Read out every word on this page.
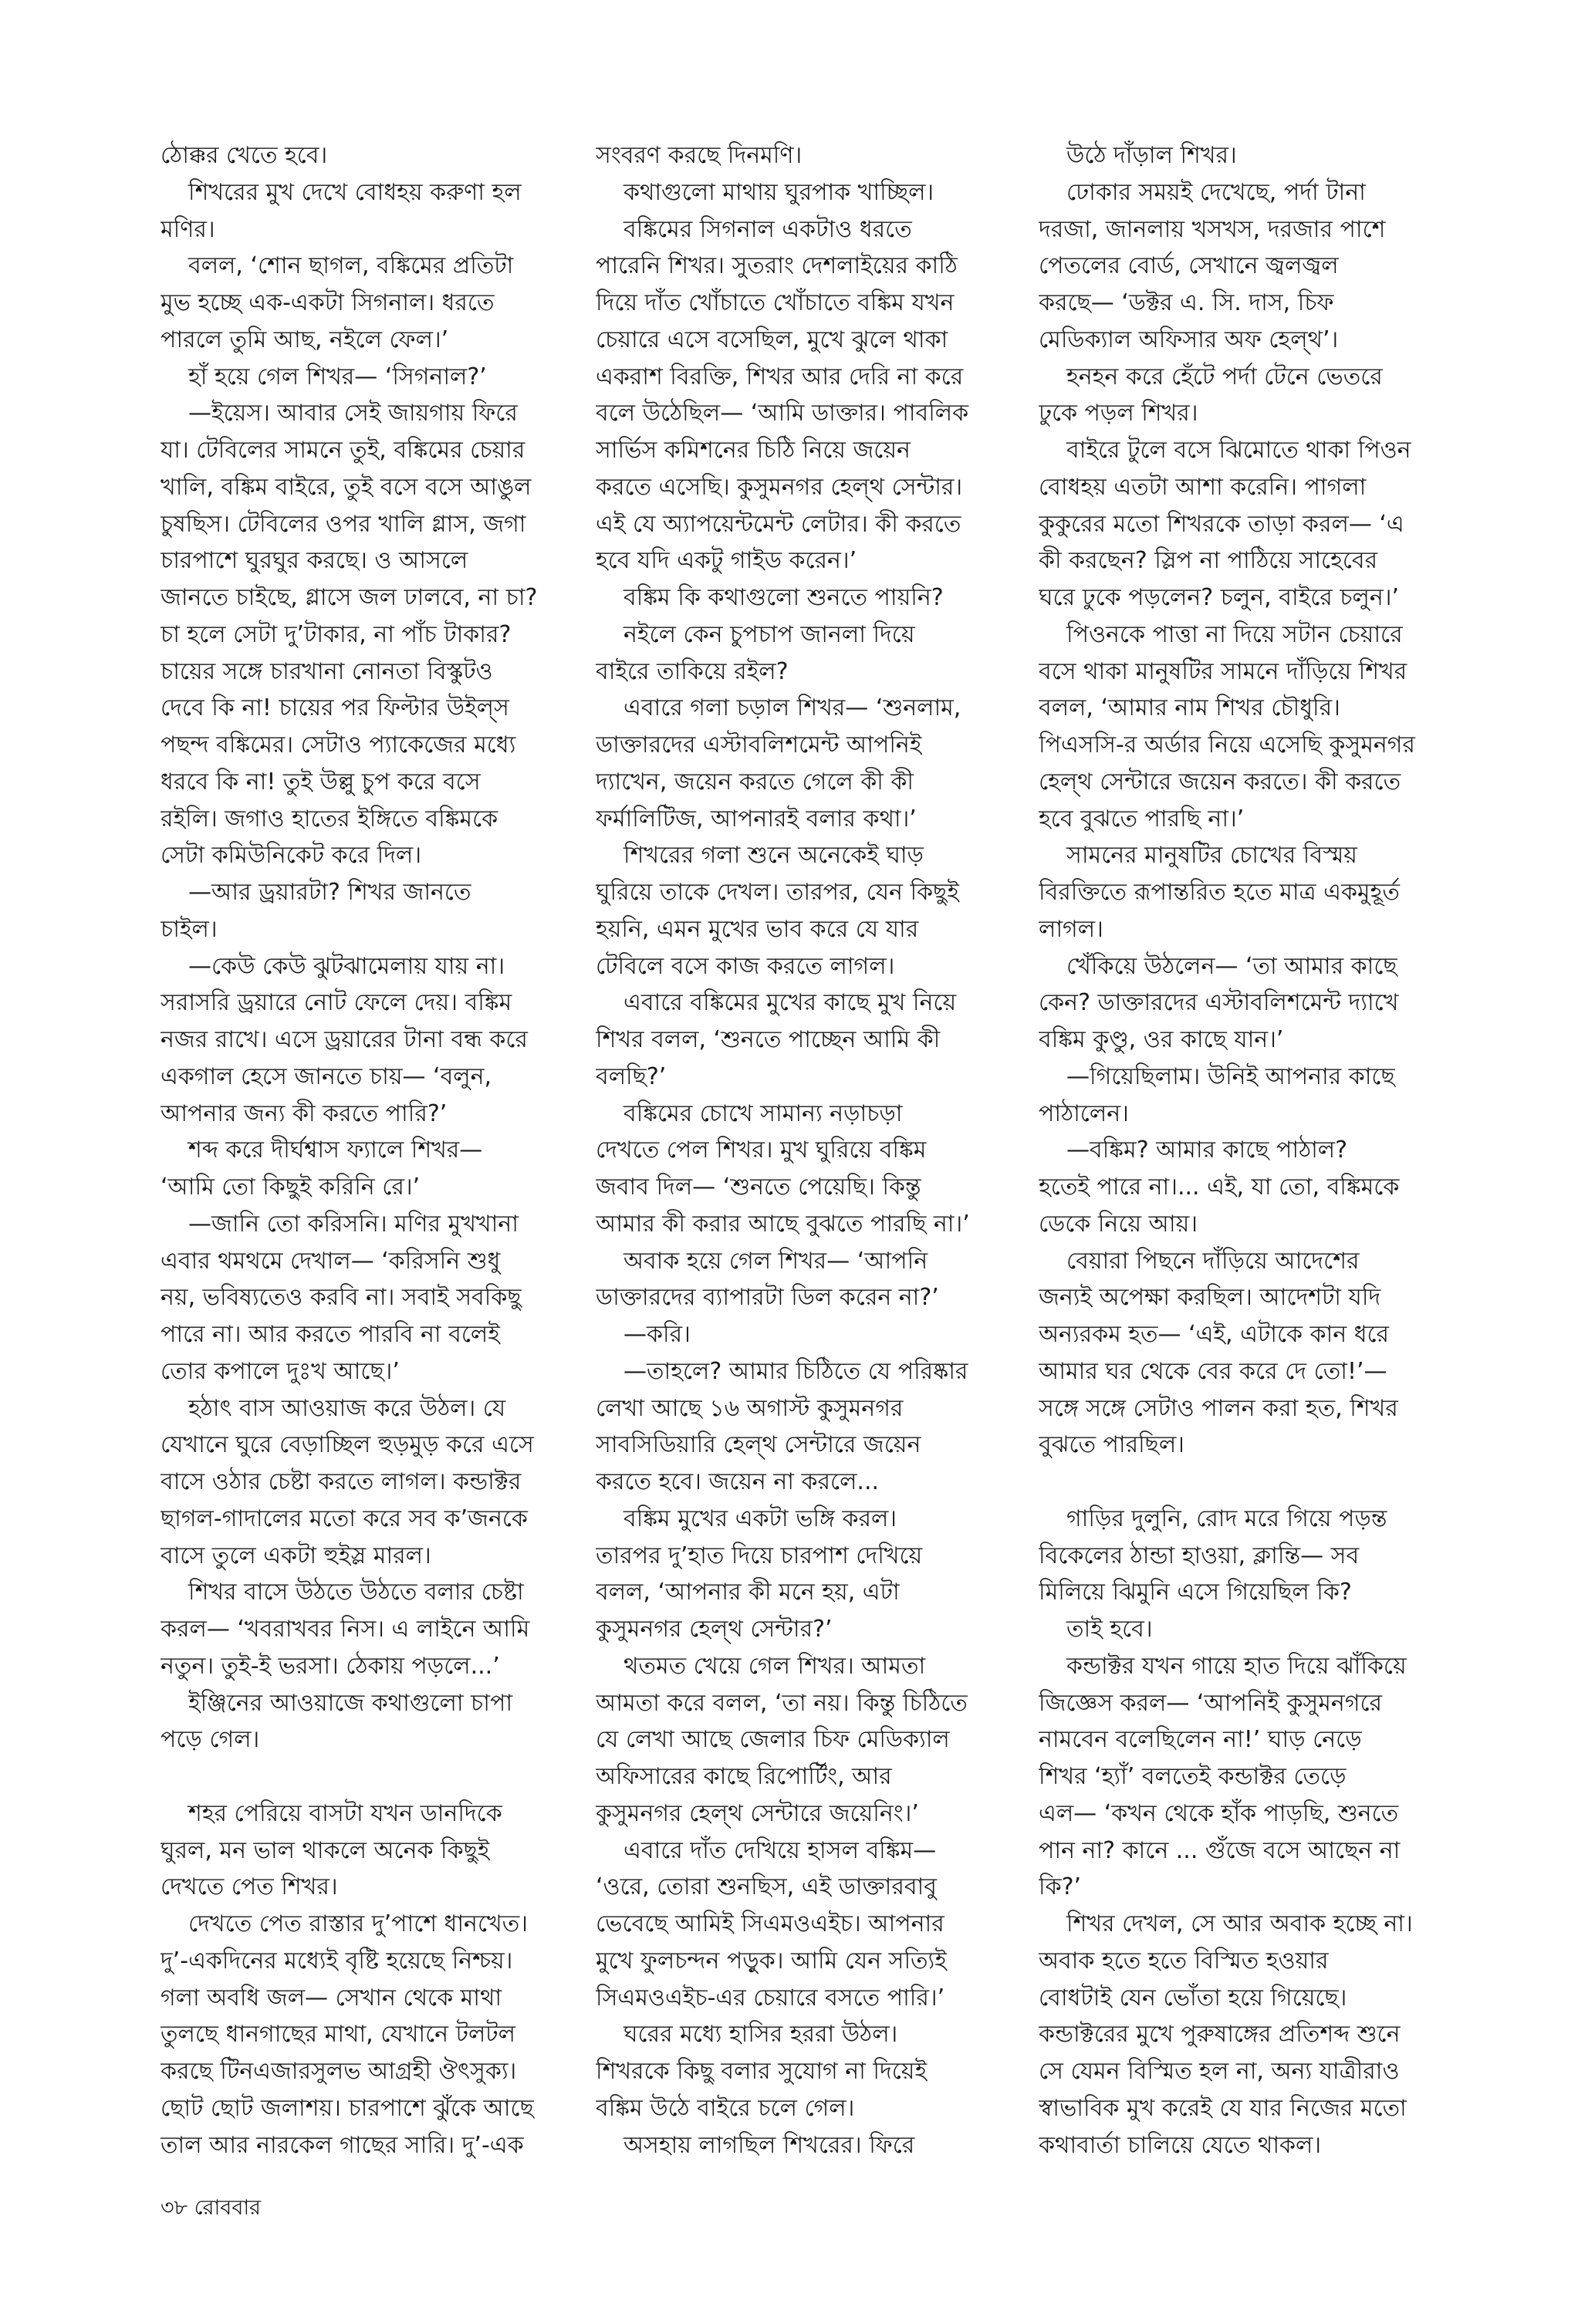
ঠোক্কর খেতে হবে।
শিখরের মুখ দেখে বোধহয় করুণা হল
মণির।
বলল, ‘শোন ছাগল, বঙ্কিমের প্রতিটা
মুভ হচ্ছে এক-একটা সিগনাল। ধরতে
পারলে তুমি আছ, নইলে ফেল।’
হাঁ হয়ে গেল শিখর— ‘সিগনাল?’
—ইয়েস। আবার সেই জায়গায় ফিরে
যা। টেবিলের সামনে তুই, বঙ্কিমের চেয়ার
খালি, বঙ্কিম বাইরে, তুই বসে বসে আঙুল
চুষছিস। টেবিলের ওপর খালি গ্লাস, জগা
চারপাশে ঘুরঘুর করছে। ও আসলে
জানতে চাইছে, গ্লাসে জল ঢালবে, না চা?
চা হলে সেটা দু’টাকার, না পাঁচ টাকার?
চায়ের সঙ্গে চারখানা নোনতা বিস্কুটও
দেবে কি না! চায়ের পর ফিল্টার উইল্স
পছন্দ বঙ্কিমের। সেটাও প্যাকেজের মধ্যে
ধরবে কি না! তুই উল্লু চুপ করে বসে
রইলি। জগাও হাতের ইঙ্গিতে বঙ্কিমকে
সেটা কমিউনিকেট করে দিল।
—আর ড্রয়ারটা? শিখর জানতে
চাইল।
—কেউ কেউ ঝুটঝামেলায় যায় না।
সরাসরি ড্রয়ারে নোট ফেলে দেয়। বঙ্কিম
নজর রাখে। এসে ড্রয়ারের টানা বন্ধ করে
একগাল হেসে জানতে চায়— ‘বলুন,
আপনার জন্য কী করতে পারি?’
শব্দ করে দীর্ঘশ্বাস ফ্যালে শিখর—
‘আমি তো কিছুই করিনি রে।’
—জানি তো করিসনি। মণির মুখখানা
এবার থমথমে দেখাল— ‘করিসনি শুধু
নয়, ভবিষ্যতেও করবি না। সবাই সবকিছু
পারে না। আর করতে পারবি না বলেই
তোর কপালে দুঃখ আছে।’
হঠাৎ বাস আওয়াজ করে উঠল। যে
যেখানে ঘুরে বেড়াচ্ছিল হুড়মুড় করে এসে
বাসে ওঠার চেষ্টা করতে লাগল। কন্ডাক্টর
ছাগল-গাদালের মতো করে সব ক’জনকে
বাসে তুলে একটা হুইস্ল মারল।
শিখর বাসে উঠতে উঠতে বলার চেষ্টা
করল— ‘খবরাখবর নিস। এ লাইনে আমি
নতুন। তুই-ই ভরসা। ঠেকায় পড়লে...’
ইঞ্জিনের আওয়াজে কথাগুলো চাপা
পড়ে গেল।
শহর পেরিয়ে বাসটা যখন ডানদিকে
ঘুরল, মন ভাল থাকলে অনেক কিছুই
দেখতে পেত শিখর।
দেখতে পেত রাস্তার দু’পাশে ধানখেত।
দু’-একদিনের মধ্যেই বৃষ্টি হয়েছে নিশ্চয়।
গলা অবধি জল— সেখান থেকে মাথা
তুলছে ধানগাছের মাথা, যেখানে টলটল
করছে টিনএজারসুলভ আগ্রহী ঔৎসুক্য।
ছোট ছোট জলাশয়। চারপাশে ঝুঁকে আছে
তাল আর নারকেল গাছের সারি। দু’-এক
সংবরণ করছে দিনমণি।
কথাগুলো মাথায় ঘুরপাক খাচ্ছিল।
বঙ্কিমের সিগনাল একটাও ধরতে
পারেনি শিখর। সুতরাং দেশলাইয়ের কাঠি
দিয়ে দাঁত খোঁচাতে খোঁচাতে বঙ্কিম যখন
চেয়ারে এসে বসেছিল, মুখে ঝুলে থাকা
একরাশ বিরক্তি, শিখর আর দেরি না করে
বলে উঠেছিল— ‘আমি ডাক্তার। পাবলিক
সার্ভিস কমিশনের চিঠি নিয়ে জয়েন
করতে এসেছি। কুসুমনগর হেল্থ সেন্টার।
এই যে অ্যাপয়েন্টমেন্ট লেটার। কী করতে
হবে যদি একটু গাইড করেন।’
বঙ্কিম কি কথাগুলো শুনতে পায়নি?
নইলে কেন চুপচাপ জানলা দিয়ে
বাইরে তাকিয়ে রইল?
এবারে গলা চড়াল শিখর— ‘শুনলাম,
ডাক্তারদের এস্টাবলিশমেন্ট আপনিই
দ্যাখেন, জয়েন করতে গেলে কী কী
ফর্মালিটিজ, আপনারই বলার কথা।’
শিখরের গলা শুনে অনেকেই ঘাড়
ঘুরিয়ে তাকে দেখল। তারপর, যেন কিছুই
হয়নি, এমন মুখের ভাব করে যে যার
টেবিলে বসে কাজ করতে লাগল।
এবারে বঙ্কিমের মুখের কাছে মুখ নিয়ে
শিখর বলল, ‘শুনতে পাচ্ছেন আমি কী
বলছি?’
বঙ্কিমের চোখে সামান্য নড়াচড়া
দেখতে পেল শিখর। মুখ ঘুরিয়ে বঙ্কিম
জবাব দিল— ‘শুনতে পেয়েছি। কিন্তু
আমার কী করার আছে বুঝতে পারছি না।’
অবাক হয়ে গেল শিখর— ‘আপনি
ডাক্তারদের ব্যাপারটা ডিল করেন না?’
—করি।
—তাহলে? আমার চিঠিতে যে পরিষ্কার
লেখা আছে ১৬ অগাস্ট কুসুমনগর
সাবসিডিয়ারি হেল্থ সেন্টারে জয়েন
করতে হবে। জয়েন না করলে...
বঙ্কিম মুখের একটা ভঙ্গি করল।
তারপর দু’হাত দিয়ে চারপাশ দেখিয়ে
বলল, ‘আপনার কী মনে হয়, এটা
কুসুমনগর হেল্থ সেন্টার?’
থতমত খেয়ে গেল শিখর। আমতা
আমতা করে বলল, ‘তা নয়। কিন্তু চিঠিতে
যে লেখা আছে জেলার চিফ মেডিক্যাল
অফিসারের কাছে রিপোর্টিং, আর
কুসুমনগর হেল্থ সেন্টারে জয়েনিং।’
এবারে দাঁত দেখিয়ে হাসল বঙ্কিম—
‘ওরে, তোরা শুনছিস, এই ডাক্তারবাবু
ভেবেছে আমিই সিএমওএইচ। আপনার
মুখে ফুলচন্দন পড়ুক। আমি যেন সত্যিই
সিএমওএইচ-এর চেয়ারে বসতে পারি।’
ঘরের মধ্যে হাসির হররা উঠল।
শিখরকে কিছু বলার সুযোগ না দিয়েই
বঙ্কিম উঠে বাইরে চলে গেল।
অসহায় লাগছিল শিখরের। ফিরে
উঠে দাঁড়াল শিখর।
ঢোকার সময়ই দেখেছে, পর্দা টানা
দরজা, জানলায় খসখস, দরজার পাশে
পেতলের বোর্ড, সেখানে জ্বলজ্বল
করছে— ‘ডক্টর এ. সি. দাস, চিফ
মেডিক্যাল অফিসার অফ হেল্থ’।
হনহন করে হেঁটে পর্দা টেনে ভেতরে
ঢুকে পড়ল শিখর।
বাইরে টুলে বসে ঝিমোতে থাকা পিওন
বোধহয় এতটা আশা করেনি। পাগলা
কুকুরের মতো শিখরকে তাড়া করল— ‘এ
কী করছেন? স্লিপ না পাঠিয়ে সাহেবের
ঘরে ঢুকে পড়লেন? চলুন, বাইরে চলুন।’
পিওনকে পাত্তা না দিয়ে সটান চেয়ারে
বসে থাকা মানুষটির সামনে দাঁড়িয়ে শিখর
বলল, ‘আমার নাম শিখর চৌধুরি।
পিএসসি-র অর্ডার নিয়ে এসেছি কুসুমনগর
হেল্থ সেন্টারে জয়েন করতে। কী করতে
হবে বুঝতে পারছি না।’
সামনের মানুষটির চোখের বিস্ময়
বিরক্তিতে রূপান্তরিত হতে মাত্র একমুহূর্ত
লাগল।
খেঁকিয়ে উঠলেন— ‘তা আমার কাছে
কেন? ডাক্তারদের এস্টাবলিশমেন্ট দ্যাখে
বঙ্কিম কুণ্ডু, ওর কাছে যান।’
—গিয়েছিলাম। উনিই আপনার কাছে
পাঠালেন।
—বঙ্কিম? আমার কাছে পাঠাল?
হতেই পারে না।... এই, যা তো, বঙ্কিমকে
ডেকে নিয়ে আয়।
বেয়ারা পিছনে দাঁড়িয়ে আদেশের
জন্যই অপেক্ষা করছিল। আদেশটা যদি
অন্যরকম হত— ‘এই, এটাকে কান ধরে
আমার ঘর থেকে বের করে দে তো!’—
সঙ্গে সঙ্গে সেটাও পালন করা হত, শিখর
বুঝতে পারছিল।
গাড়ির দুলুনি, রোদ মরে গিয়ে পড়ন্ত
বিকেলের ঠান্ডা হাওয়া, ক্লান্তি— সব
মিলিয়ে ঝিমুনি এসে গিয়েছিল কি?
তাই হবে।
কন্ডাক্টর যখন গায়ে হাত দিয়ে ঝাঁকিয়ে
জিজ্ঞেস করল— ‘আপনিই কুসুমনগরে
নামবেন বলেছিলেন না!’ ঘাড় নেড়ে
শিখর ‘হ্যাঁ’ বলতেই কন্ডাক্টর তেড়ে
এল— ‘কখন থেকে হাঁক পাড়ছি, শুনতে
পান না? কানে ... গুঁজে বসে আছেন না
কি?’
শিখর দেখল, সে আর অবাক হচ্ছে না।
অবাক হতে হতে বিস্মিত হওয়ার
বোধটাই যেন ভোঁতা হয়ে গিয়েছে।
কন্ডাক্টরের মুখে পুরুষাঙ্গের প্রতিশব্দ শুনে
সে যেমন বিস্মিত হল না, অন্য যাত্রীরাও
স্বাভাবিক মুখ করেই যে যার নিজের মতো
কথাবার্তা চালিয়ে যেতে থাকল।
৩৮ রোববার
